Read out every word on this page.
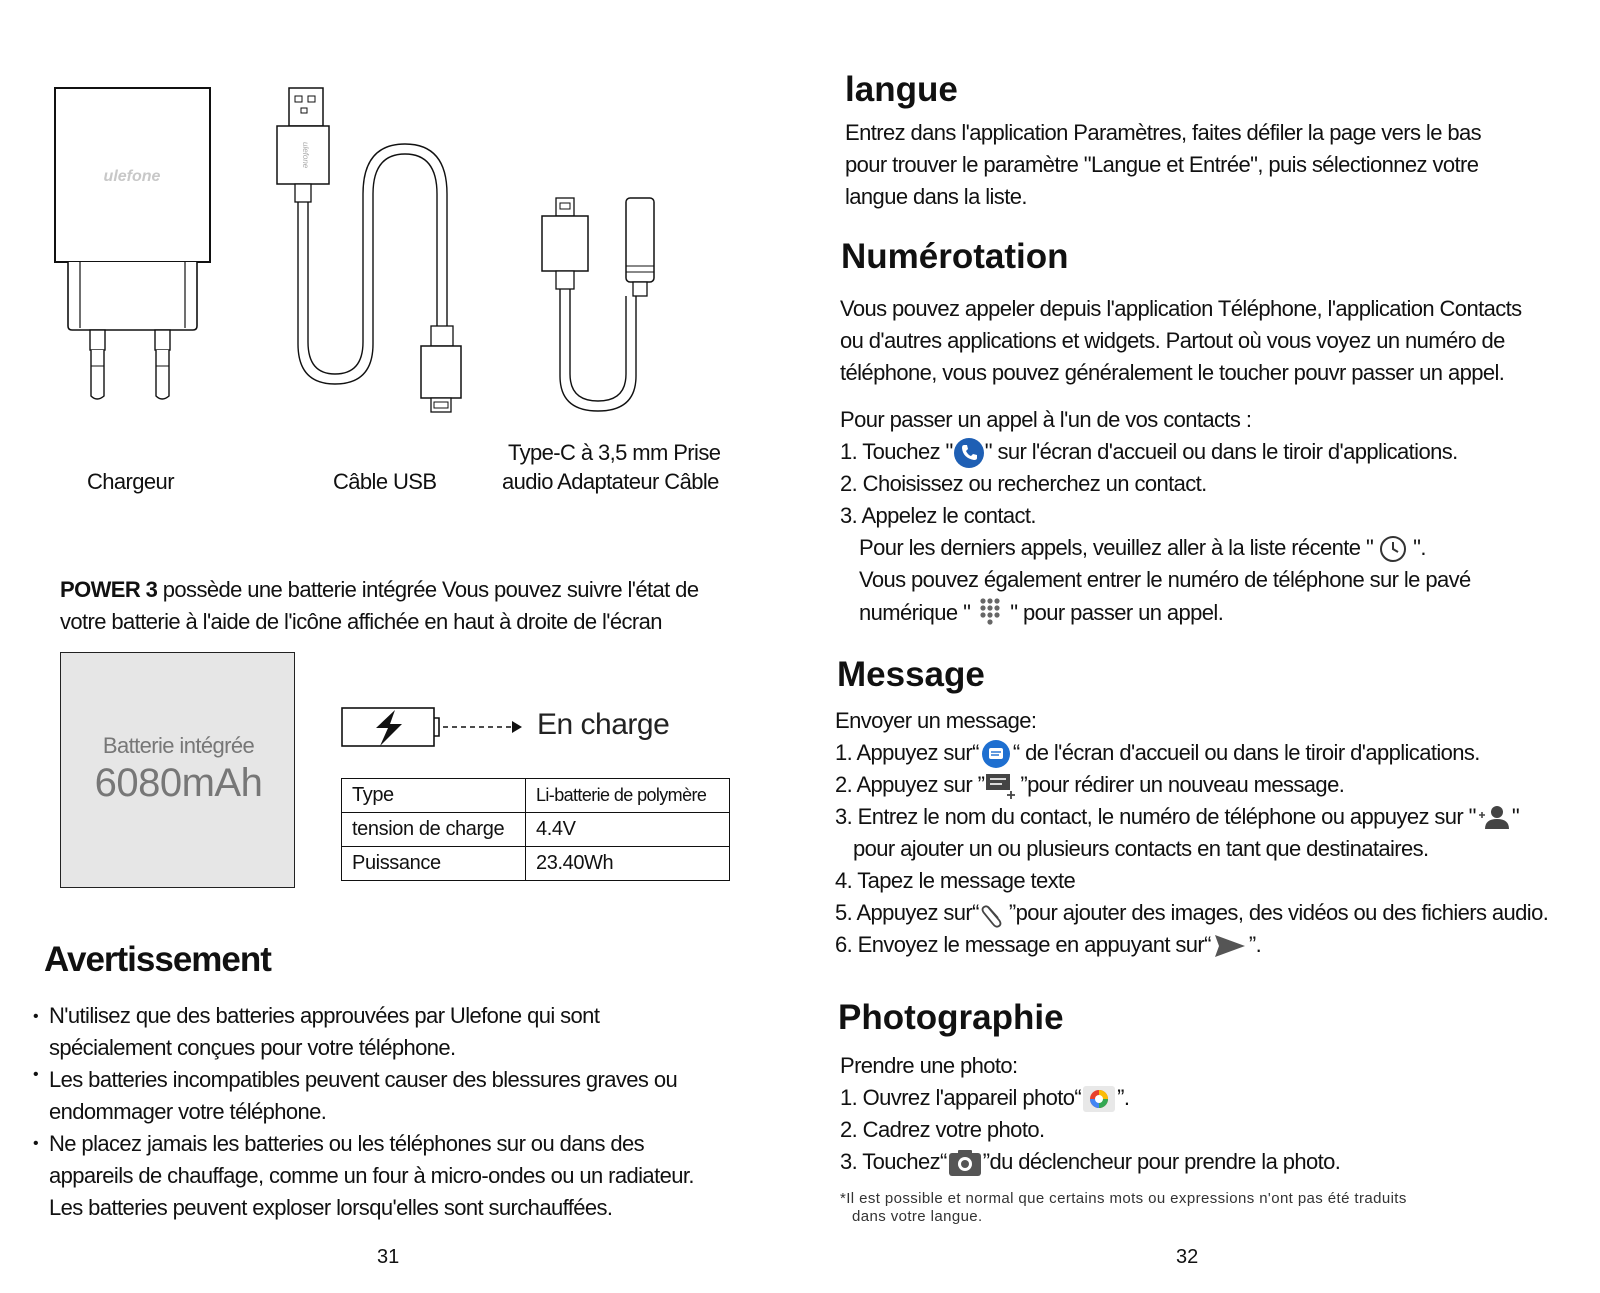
ulefone
ulefone
Chargeur	Câble USB
Type-C à 3,5 mm Prise
audio Adaptateur Câble
POWER 3 possède une batterie intégrée Vous pouvez suivre l'état de
votre batterie à l'aide de l'icône affichée en haut à droite de l'écran
Batterie intégrée
6080mAh
En charge
Type	Li-batterie de polymère
tension de charge	4.4V
Puissance	23.40Wh
Avertissement
• N'utilisez que des batteries approuvées par Ulefone qui sont
spécialement conçues pour votre téléphone.
• Les batteries incompatibles peuvent causer des blessures graves ou
endommager votre téléphone.
• Ne placez jamais les batteries ou les téléphones sur ou dans des
appareils de chauffage, comme un four à micro-ondes ou un radiateur.
Les batteries peuvent exploser lorsqu'elles sont surchauffées.
31
langue
Entrez dans l'application Paramètres, faites défiler la page vers le bas
pour trouver le paramètre "Langue et Entrée", puis sélectionnez votre
langue dans la liste.
Numérotation
Vous pouvez appeler depuis l'application Téléphone, l'application Contacts
ou d'autres applications et widgets. Partout où vous voyez un numéro de
téléphone, vous pouvez généralement le toucher pouvr passer un appel.
Pour passer un appel à l'un de vos contacts :
1. Touchez " " sur l'écran d'accueil ou dans le tiroir d'applications.
2. Choisissez ou recherchez un contact.
3. Appelez le contact.
Pour les derniers appels, veuillez aller à la liste récente " ".
Vous pouvez également entrer le numéro de téléphone sur le pavé
numérique " " pour passer un appel.
Message
Envoyer un message:
1. Appuyez sur“ “ de l'écran d'accueil ou dans le tiroir d'applications.
2. Appuyez sur ” ”pour rédirer un nouveau message.
3. Entrez le nom du contact, le numéro de téléphone ou appuyez sur " "
pour ajouter un ou plusieurs contacts en tant que destinataires.
4. Tapez le message texte
5. Appuyez sur“ ”pour ajouter des images, des vidéos ou des fichiers audio.
6. Envoyez le message en appuyant sur“ ”.
Photographie
Prendre une photo:
1. Ouvrez l'appareil photo“ ”.
2. Cadrez votre photo.
3. Touchez“ ”du déclencheur pour prendre la photo.
*Il est possible et normal que certains mots ou expressions n'ont pas été traduits
dans votre langue.
32
